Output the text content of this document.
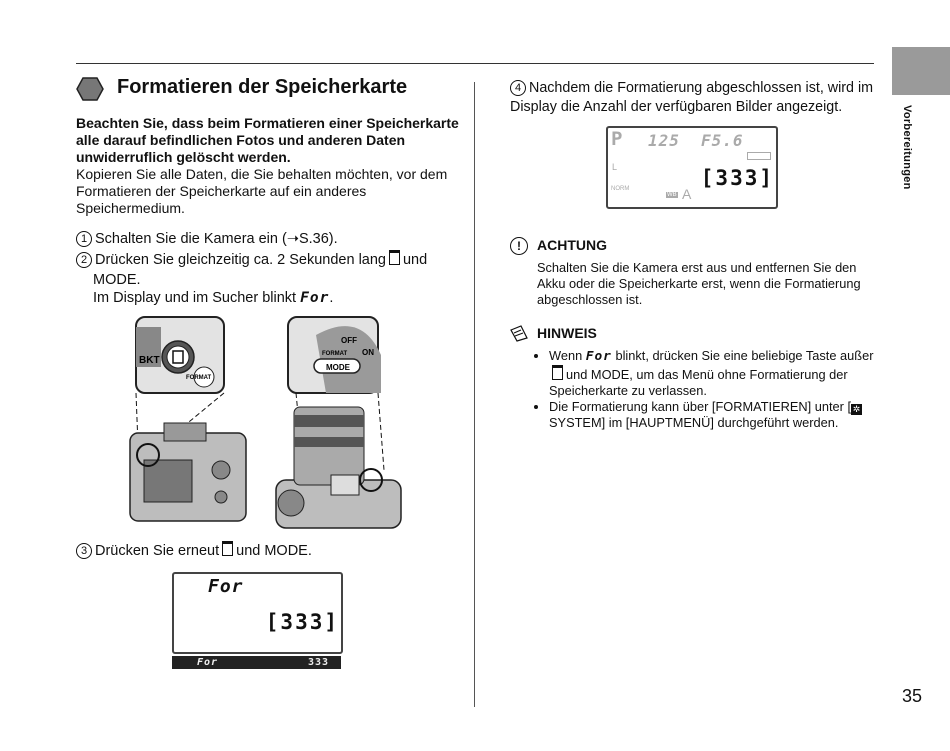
Vorbereitungen
35
Formatieren der Speicherkarte
Beachten Sie, dass beim Formatieren einer Speicherkarte alle darauf befindlichen Fotos und anderen Daten unwiderruflich gelöscht werden.
Kopieren Sie alle Daten, die Sie behalten möchten, vor dem Formatieren der Speicherkarte auf ein anderes Speichermedium.
1 Schalten Sie die Kamera ein (➝S.36).
2 Drücken Sie gleichzeitig ca. 2 Sekunden lang und
MODE.
Im Display und im Sucher blinkt For.
BKT
FORMAT
MODE
FORMAT
OFF
ON
3 Drücken Sie erneut und MODE.
For
[333]
For	333
4 Nachdem die Formatierung abgeschlossen ist, wird im Display die Anzahl der verfügbaren Bilder angezeigt.
P 125 F5.6
L
NORM
WB A
[333]
!	ACHTUNG
Schalten Sie die Kamera erst aus und entfernen Sie den Akku oder die Speicherkarte erst, wenn die Formatierung abgeschlossen ist.
HINWEIS
• Wenn For blinkt, drücken Sie eine beliebige Taste außerund MODE, um das Menü ohne Formatierung der Speicherkarte zu verlassen.
• Die Formatierung kann über [FORMATIEREN] unter [ ✲ SYSTEM] im [HAUPTMENÜ] durchgeführt werden.
